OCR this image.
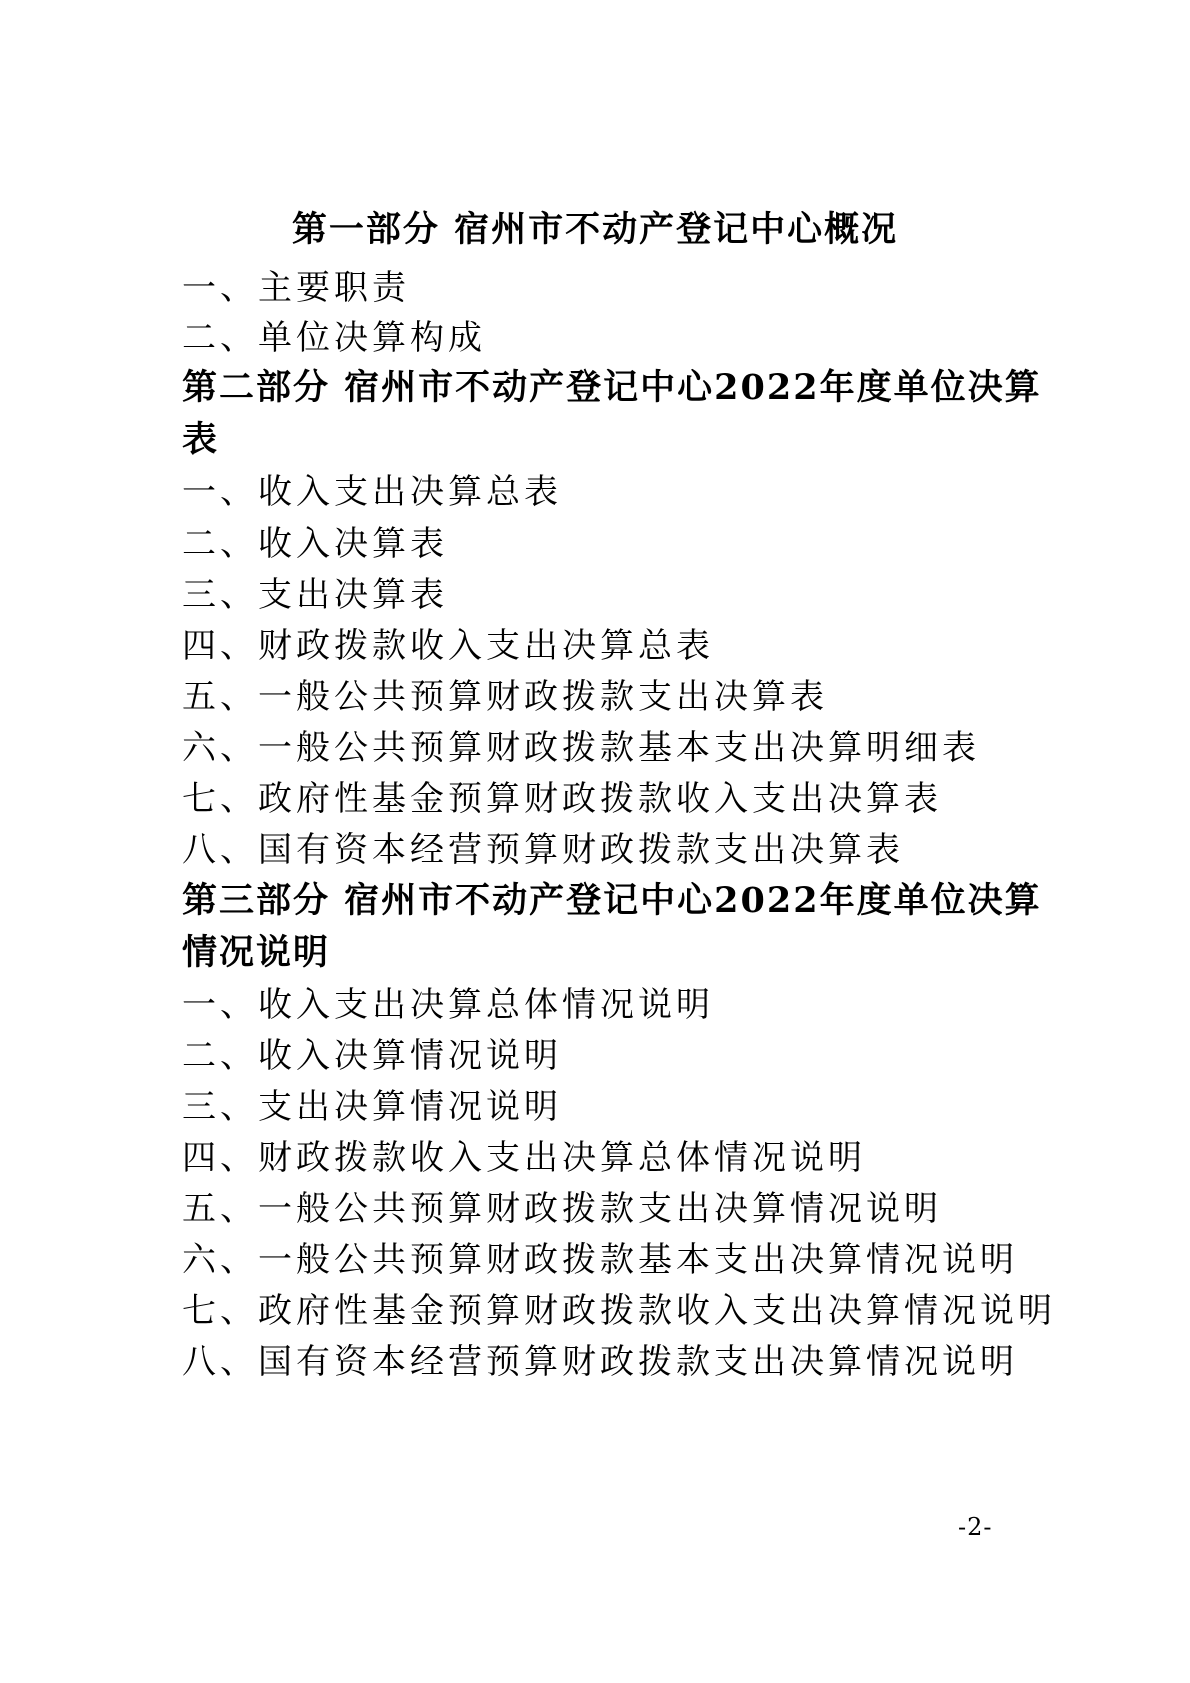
第一部分 宿州市不动产登记中心概况
一、主要职责
二、单位决算构成
第二部分 宿州市不动产登记中心2022年度单位决算
表
一、收入支出决算总表
二、收入决算表
三、支出决算表
四、财政拨款收入支出决算总表
五、一般公共预算财政拨款支出决算表
六、一般公共预算财政拨款基本支出决算明细表
七、政府性基金预算财政拨款收入支出决算表
八、国有资本经营预算财政拨款支出决算表
第三部分 宿州市不动产登记中心2022年度单位决算
情况说明
一、收入支出决算总体情况说明
二、收入决算情况说明
三、支出决算情况说明
四、财政拨款收入支出决算总体情况说明
五、一般公共预算财政拨款支出决算情况说明
六、一般公共预算财政拨款基本支出决算情况说明
七、政府性基金预算财政拨款收入支出决算情况说明
八、国有资本经营预算财政拨款支出决算情况说明
-2-
